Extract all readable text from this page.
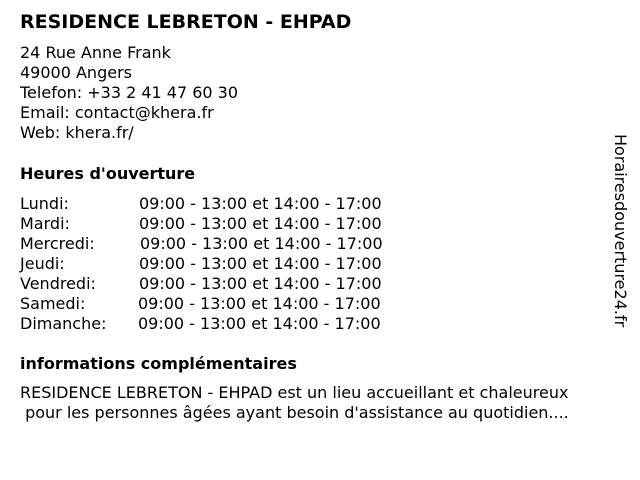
RESIDENCE LEBRETON - EHPAD
24 Rue Anne Frank
49000 Angers
Telefon: +33 2 41 47 60 30
Email: contact@khera.fr
Web: khera.fr/
Heures d'ouverture
Lundi:	09:00 - 13:00 et 14:00 - 17:00
Mardi:	09:00 - 13:00 et 14:00 - 17:00
Mercredi:	09:00 - 13:00 et 14:00 - 17:00
Jeudi:	09:00 - 13:00 et 14:00 - 17:00
Vendredi:	09:00 - 13:00 et 14:00 - 17:00
Samedi:	09:00 - 13:00 et 14:00 - 17:00
Dimanche: 09:00 - 13:00 et 14:00 - 17:00
informations complémentaires
RESIDENCE LEBRETON - EHPAD est un lieu accueillant et chaleureux
pour les personnes âgées ayant besoin d'assistance au quotidien....
Horairesdouverture24.fr
